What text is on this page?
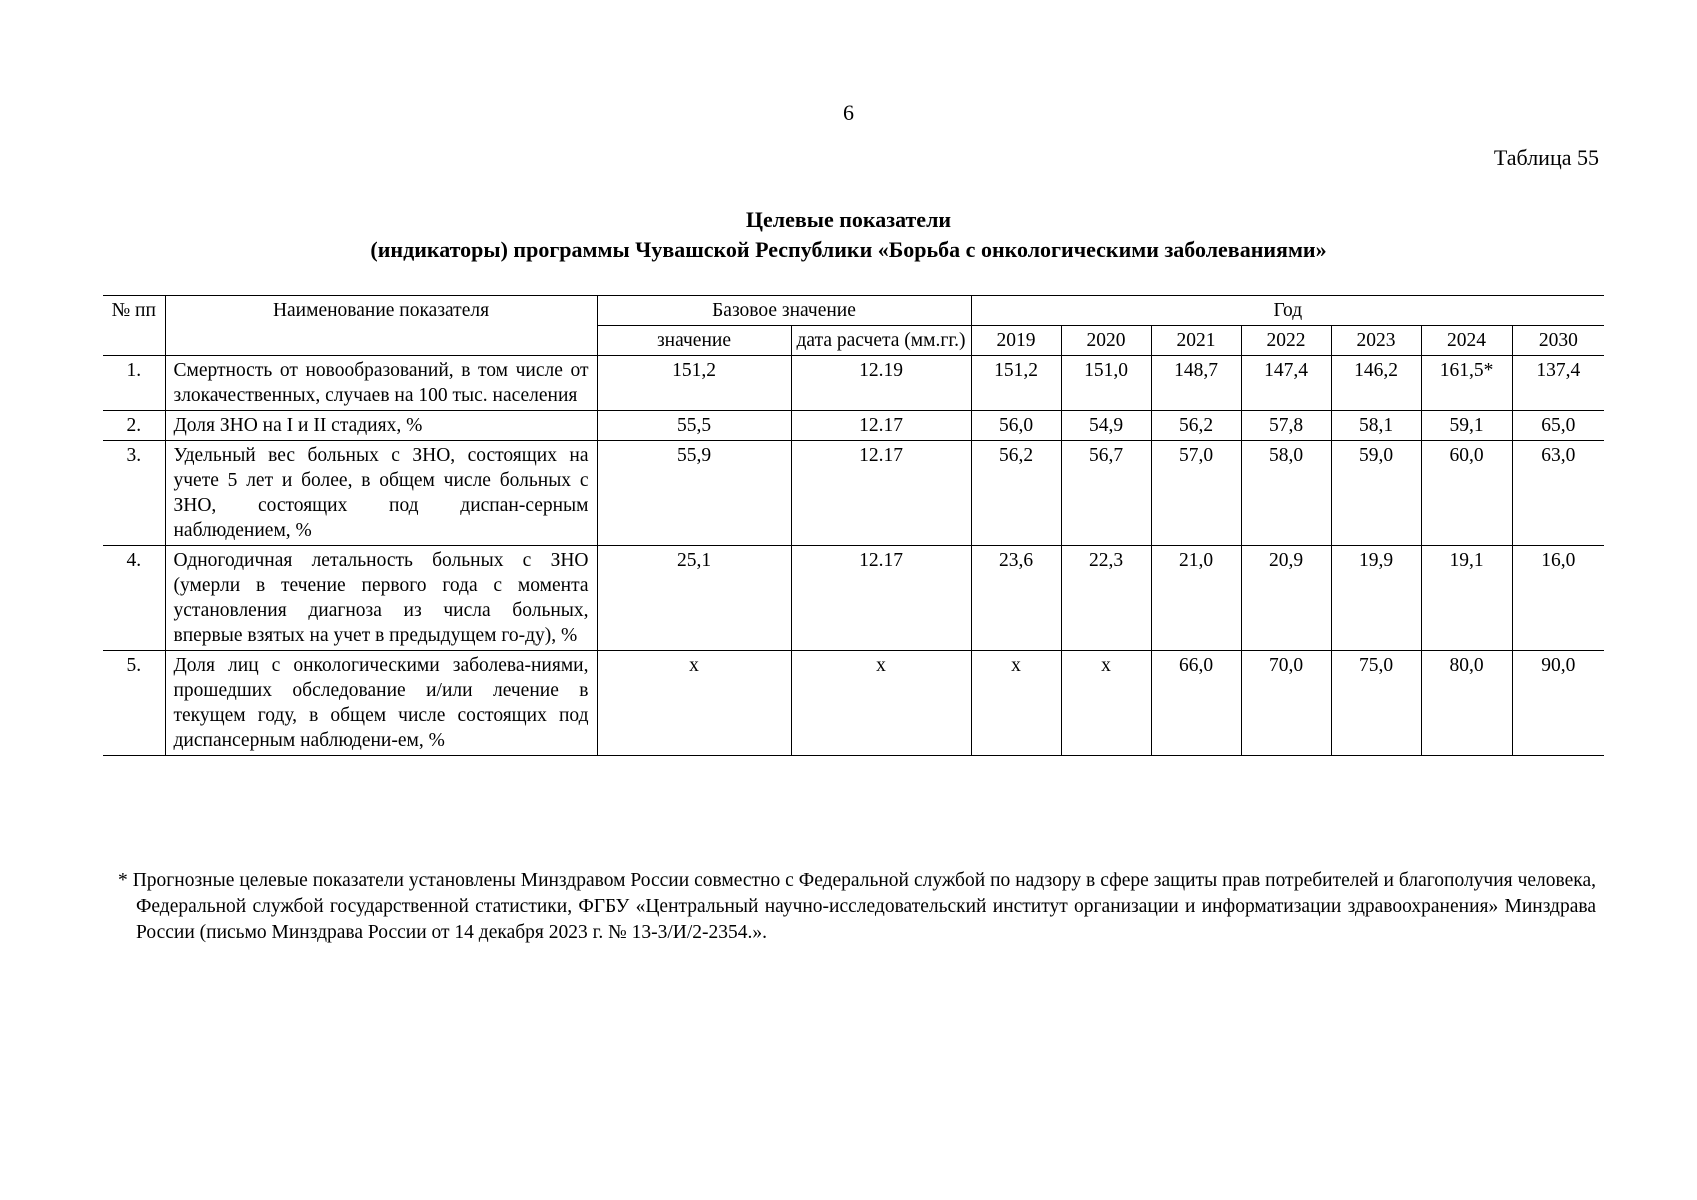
6
Таблица 55
Целевые показатели
(индикаторы) программы Чувашской Республики «Борьба с онкологическими заболеваниями»
№ пп	Наименование показателя	Базовое значение		Год						
		значение	дата расчета (мм.гг.)	2019	2020	2021	2022	2023	2024	2030
1.	Смертность от новообразований, в том числе от злокачественных, случаев на 100 тыс. населения	151,2	12.19	151,2	151,0	148,7	147,4	146,2	161,5*	137,4
2.	Доля ЗНО на I и II стадиях, %	55,5	12.17	56,0	54,9	56,2	57,8	58,1	59,1	65,0
3.	Удельный вес больных с ЗНО, состоящих на учете 5 лет и более, в общем числе больных с ЗНО, состоящих под диспан-серным наблюдением, %	55,9	12.17	56,2	56,7	57,0	58,0	59,0	60,0	63,0
4.	Одногодичная летальность больных с ЗНО (умерли в течение первого года с момента установления диагноза из числа больных, впервые взятых на учет в предыдущем го-ду), %	25,1	12.17	23,6	22,3	21,0	20,9	19,9	19,1	16,0
5.	Доля лиц с онкологическими заболева-ниями, прошедших обследование и/или лечение в текущем году, в общем числе состоящих под диспансерным наблюдени-ем, %	х	х	х	х	66,0	70,0	75,0	80,0	90,0
* Прогнозные целевые показатели установлены Минздравом России совместно с Федеральной службой по надзору в сфере защиты прав потребителей и благополучия человека, Федеральной службой государственной статистики, ФГБУ «Центральный научно-исследовательский институт организации и информатизации здравоохранения» Минздрава России (письмо Минздрава России от 14 декабря 2023 г. № 13-3/И/2-2354.».
